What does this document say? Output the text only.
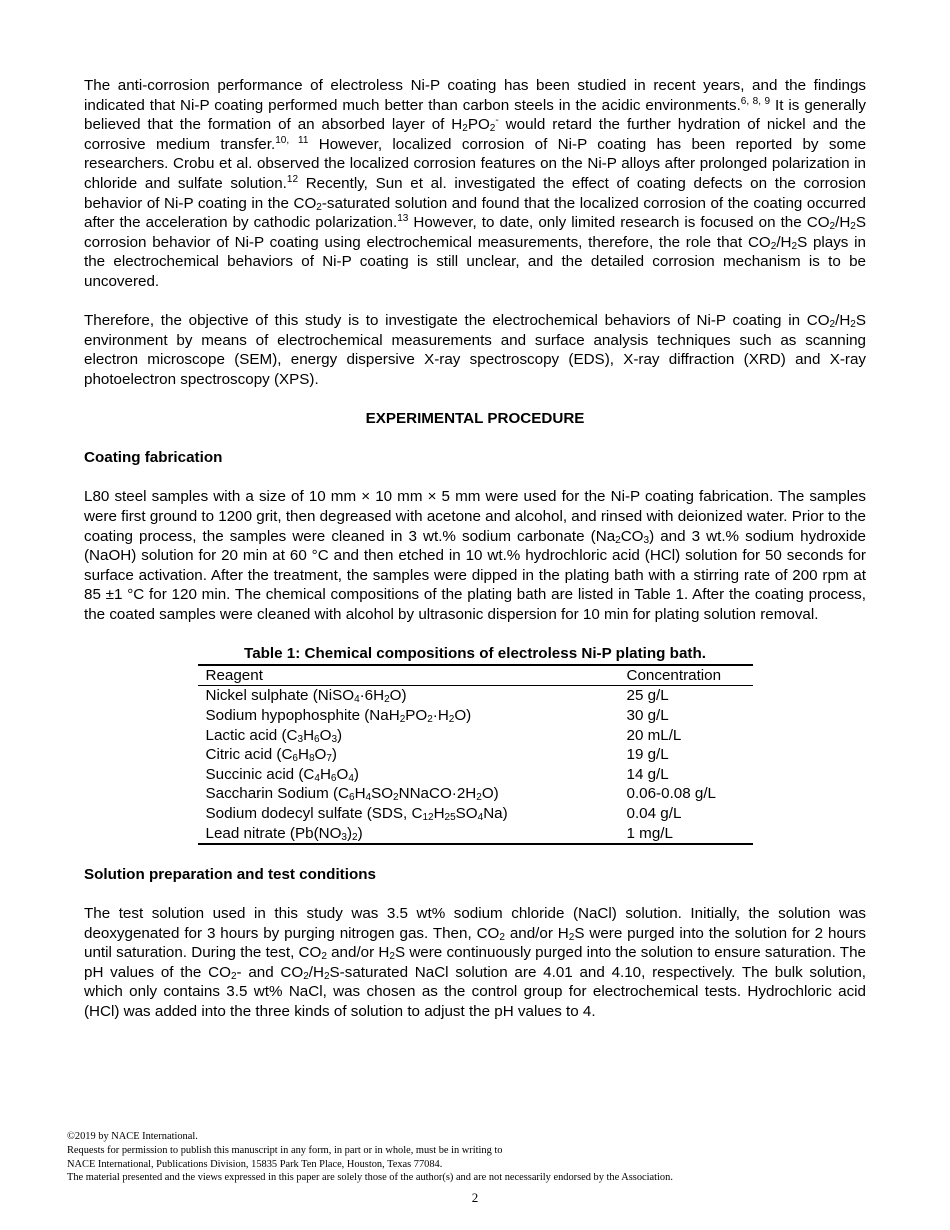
The anti-corrosion performance of electroless Ni-P coating has been studied in recent years, and the findings indicated that Ni-P coating performed much better than carbon steels in the acidic environments.$^{6, 8, 9}$ It is generally believed that the formation of an absorbed layer of $H_2PO_2^-$ would retard the further hydration of nickel and the corrosive medium transfer.$^{10, 11}$ However, localized corrosion of Ni-P coating has been reported by some researchers. Crobu et al. observed the localized corrosion features on the Ni-P alloys after prolonged polarization in chloride and sulfate solution.$^{12}$ Recently, Sun et al. investigated the effect of coating defects on the corrosion behavior of Ni-P coating in the $CO_2$-saturated solution and found that the localized corrosion of the coating occurred after the acceleration by cathodic polarization.$^{13}$ However, to date, only limited research is focused on the $CO_2/H_2S$ corrosion behavior of Ni-P coating using electrochemical measurements, therefore, the role that $CO_2/H_2S$ plays in the electrochemical behaviors of Ni-P coating is still unclear, and the detailed corrosion mechanism is to be uncovered.

Therefore, the objective of this study is to investigate the electrochemical behaviors of Ni-P coating in $CO_2/H_2S$ environment by means of electrochemical measurements and surface analysis techniques such as scanning electron microscope (SEM), energy dispersive X-ray spectroscopy (EDS), X-ray diffraction (XRD) and X-ray photoelectron spectroscopy (XPS).

EXPERIMENTAL PROCEDURE

Coating fabrication

L80 steel samples with a size of 10 mm × 10 mm × 5 mm were used for the Ni-P coating fabrication. The samples were first ground to 1200 grit, then degreased with acetone and alcohol, and rinsed with deionized water. Prior to the coating process, the samples were cleaned in 3 wt.% sodium carbonate $(Na_2CO_3)$ and 3 wt.% sodium hydroxide (NaOH) solution for 20 min at 60 °C and then etched in 10 wt.% hydrochloric acid (HCl) solution for 50 seconds for surface activation. After the treatment, the samples were dipped in the plating bath with a stirring rate of 200 rpm at 85 ±1 °C for 120 min. The chemical compositions of the plating bath are listed in Table 1. After the coating process, the coated samples were cleaned with alcohol by ultrasonic dispersion for 10 min for plating solution removal.

Table 1: Chemical compositions of electroless Ni-P plating bath.

Reagent	Concentration
Nickel sulphate $(NiSO_4\cdot 6H_2O)$	25 g/L
Sodium hypophosphite $(NaH_2PO_2\cdot H_2O)$	30 g/L
Lactic acid $(C_3H_6O_3)$	20 mL/L
Citric acid $(C_6H_8O_7)$	19 g/L
Succinic acid $(C_4H_6O_4)$	14 g/L
Saccharin Sodium $(C_6H_4SO_2NNaCO\cdot 2H_2O)$	0.06-0.08 g/L
Sodium dodecyl sulfate (SDS, $C_{12}H_{25}SO_4Na$)	0.04 g/L
Lead nitrate $(Pb(NO_3)_2)$	1 mg/L

Solution preparation and test conditions

The test solution used in this study was 3.5 wt% sodium chloride (NaCl) solution. Initially, the solution was deoxygenated for 3 hours by purging nitrogen gas. Then, $CO_2$ and/or $H_2S$ were purged into the solution for 2 hours until saturation. During the test, $CO_2$ and/or $H_2S$ were continuously purged into the solution to ensure saturation. The pH values of the $CO_2-$ and $CO_2/H_2S$-saturated NaCl solution are 4.01 and 4.10, respectively. The bulk solution, which only contains 3.5 wt% NaCl, was chosen as the control group for electrochemical tests. Hydrochloric acid (HCl) was added into the three kinds of solution to adjust the pH values to 4.

©2019 by NACE International.

Requests for permission to publish this manuscript in any form, in part or in whole, must be in writing to

NACE International, Publications Division, 15835 Park Ten Place, Houston, Texas 77084.

The material presented and the views expressed in this paper are solely those of the author(s) and are not necessarily endorsed by the Association.

2
